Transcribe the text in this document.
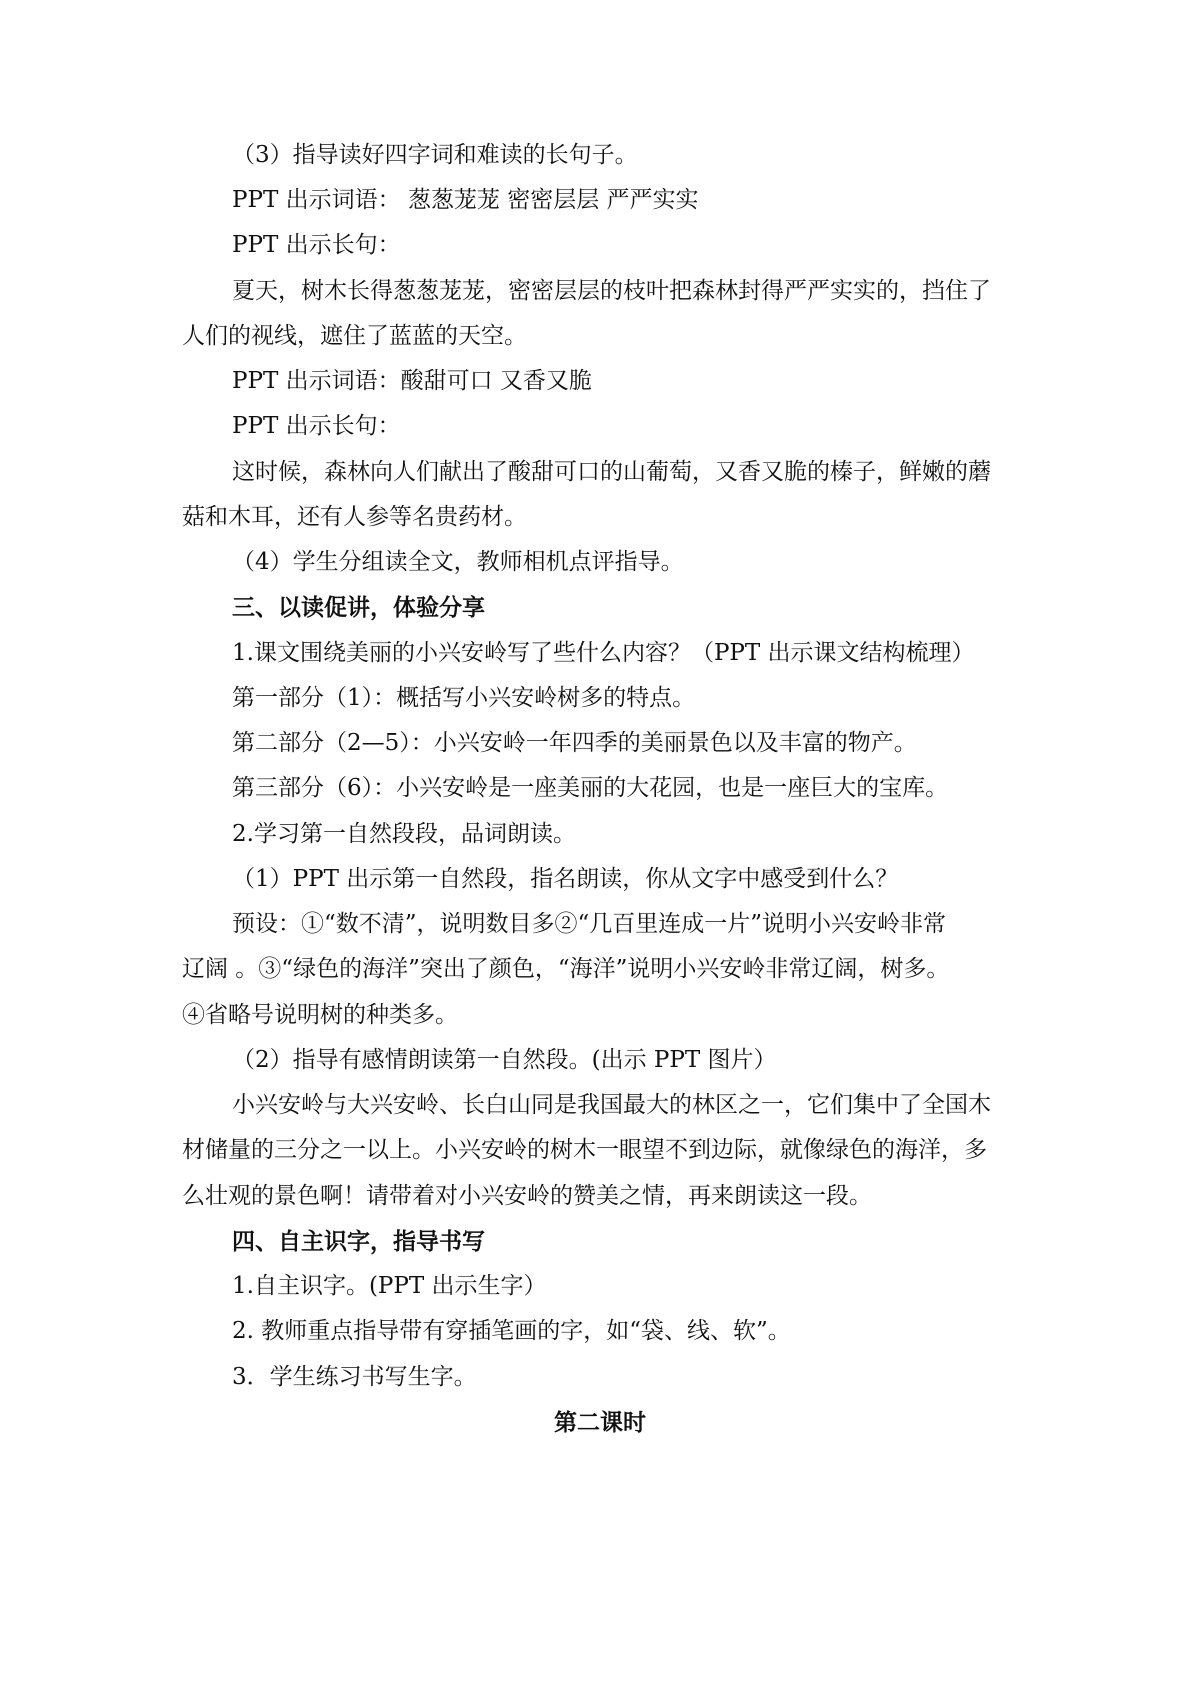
（3）指导读好四字词和难读的长句子。

PPT 出示词语： 葱葱茏茏 密密层层 严严实实

PPT 出示长句：

夏天，树木长得葱葱茏茏，密密层层的枝叶把森林封得严严实实的，挡住了

人们的视线，遮住了蓝蓝的天空。

PPT 出示词语：酸甜可口 又香又脆

PPT 出示长句：

这时候，森林向人们献出了酸甜可口的山葡萄，又香又脆的榛子，鲜嫩的蘑

菇和木耳，还有人参等名贵药材。

（4）学生分组读全文，教师相机点评指导。

三、以读促讲，体验分享

1.课文围绕美丽的小兴安岭写了些什么内容？（PPT 出示课文结构梳理）

第一部分（1）：概括写小兴安岭树多的特点。

第二部分（2—5）：小兴安岭一年四季的美丽景色以及丰富的物产。

第三部分（6）：小兴安岭是一座美丽的大花园，也是一座巨大的宝库。

2.学习第一自然段段，品词朗读。

（1）PPT 出示第一自然段，指名朗读，你从文字中感受到什么？

预设：①“数不清”，说明数目多②“几百里连成一片”说明小兴安岭非常

辽阔 。③“绿色的海洋”突出了颜色，“海洋”说明小兴安岭非常辽阔，树多。

④省略号说明树的种类多。

（2）指导有感情朗读第一自然段。(出示 PPT 图片）

小兴安岭与大兴安岭、长白山同是我国最大的林区之一，它们集中了全国木

材储量的三分之一以上。小兴安岭的树木一眼望不到边际，就像绿色的海洋，多

么壮观的景色啊！请带着对小兴安岭的赞美之情，再来朗读这一段。

四、自主识字，指导书写

1.自主识字。(PPT 出示生字）

2. 教师重点指导带有穿插笔画的字，如“袋、线、软”。

3．学生练习书写生字。

第二课时
